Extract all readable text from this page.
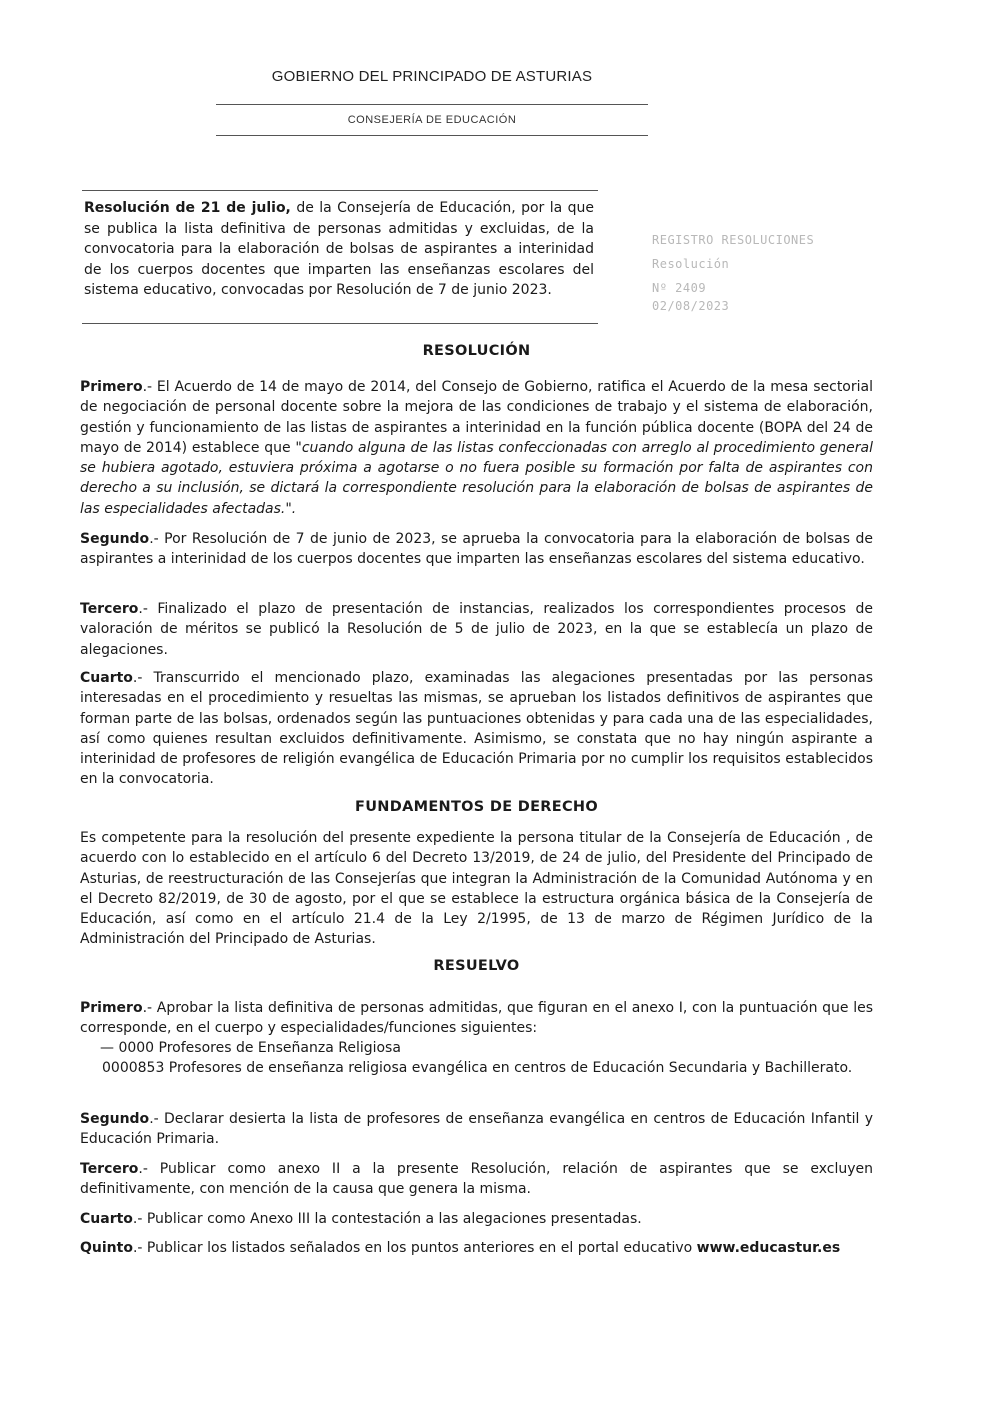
GOBIERNO DEL PRINCIPADO DE ASTURIAS
CONSEJERÍA DE EDUCACIÓN
Resolución de 21 de julio, de la Consejería de Educación, por la que se publica la lista definitiva de personas admitidas y excluidas, de la convocatoria para la elaboración de bolsas de aspirantes a interinidad de los cuerpos docentes que imparten las enseñanzas escolares del sistema educativo, convocadas por Resolución de 7 de junio 2023.
REGISTRO RESOLUCIONES
Resolución
Nº 2409
02/08/2023
RESOLUCIÓN

Primero.- El Acuerdo de 14 de mayo de 2014, del Consejo de Gobierno, ratifica el Acuerdo de la mesa sectorial de negociación de personal docente sobre la mejora de las condiciones de trabajo y el sistema de elaboración, gestión y funcionamiento de las listas de aspirantes a interinidad en la función pública docente (BOPA del 24 de mayo de 2014) establece que "cuando alguna de las listas confeccionadas con arreglo al procedimiento general se hubiera agotado, estuviera próxima a agotarse o no fuera posible su formación por falta de aspirantes con derecho a su inclusión, se dictará la correspondiente resolución para la elaboración de bolsas de aspirantes de las especialidades afectadas.".

Segundo.- Por Resolución de 7 de junio de 2023, se aprueba la convocatoria para la elaboración de bolsas de aspirantes a interinidad de los cuerpos docentes que imparten las enseñanzas escolares del sistema educativo.

Tercero.- Finalizado el plazo de presentación de instancias, realizados los correspondientes procesos de valoración de méritos se publicó la Resolución de 5 de julio de 2023, en la que se establecía un plazo de alegaciones.

Cuarto.- Transcurrido el mencionado plazo, examinadas las alegaciones presentadas por las personas interesadas en el procedimiento y resueltas las mismas, se aprueban los listados definitivos de aspirantes que forman parte de las bolsas, ordenados según las puntuaciones obtenidas y para cada una de las especialidades, así como quienes resultan excluidos definitivamente. Asimismo, se constata que no hay ningún aspirante a interinidad de profesores de religión evangélica de Educación Primaria por no cumplir los requisitos establecidos en la convocatoria.

FUNDAMENTOS DE DERECHO

Es competente para la resolución del presente expediente la persona titular de la Consejería de Educación , de acuerdo con lo establecido en el artículo 6 del Decreto 13/2019, de 24 de julio, del Presidente del Principado de Asturias, de reestructuración de las Consejerías que integran la Administración de la Comunidad Autónoma y en el Decreto 82/2019, de 30 de agosto, por el que se establece la estructura orgánica básica de la Consejería de Educación, así como en el artículo 21.4 de la Ley 2/1995, de 13 de marzo de Régimen Jurídico de la Administración del Principado de Asturias.

RESUELVO

Primero.- Aprobar la lista definitiva de personas admitidas, que figuran en el anexo I, con la puntuación que les corresponde, en el cuerpo y especialidades/funciones siguientes:

— 0000 Profesores de Enseñanza Religiosa

0000853 Profesores de enseñanza religiosa evangélica en centros de Educación Secundaria y Bachillerato.

Segundo.- Declarar desierta la lista de profesores de enseñanza evangélica en centros de Educación Infantil y Educación Primaria.

Tercero.- Publicar como anexo II a la presente Resolución, relación de aspirantes que se excluyen definitivamente, con mención de la causa que genera la misma.

Cuarto.- Publicar como Anexo III la contestación a las alegaciones presentadas.

Quinto.- Publicar los listados señalados en los puntos anteriores en el portal educativo www.educastur.es
